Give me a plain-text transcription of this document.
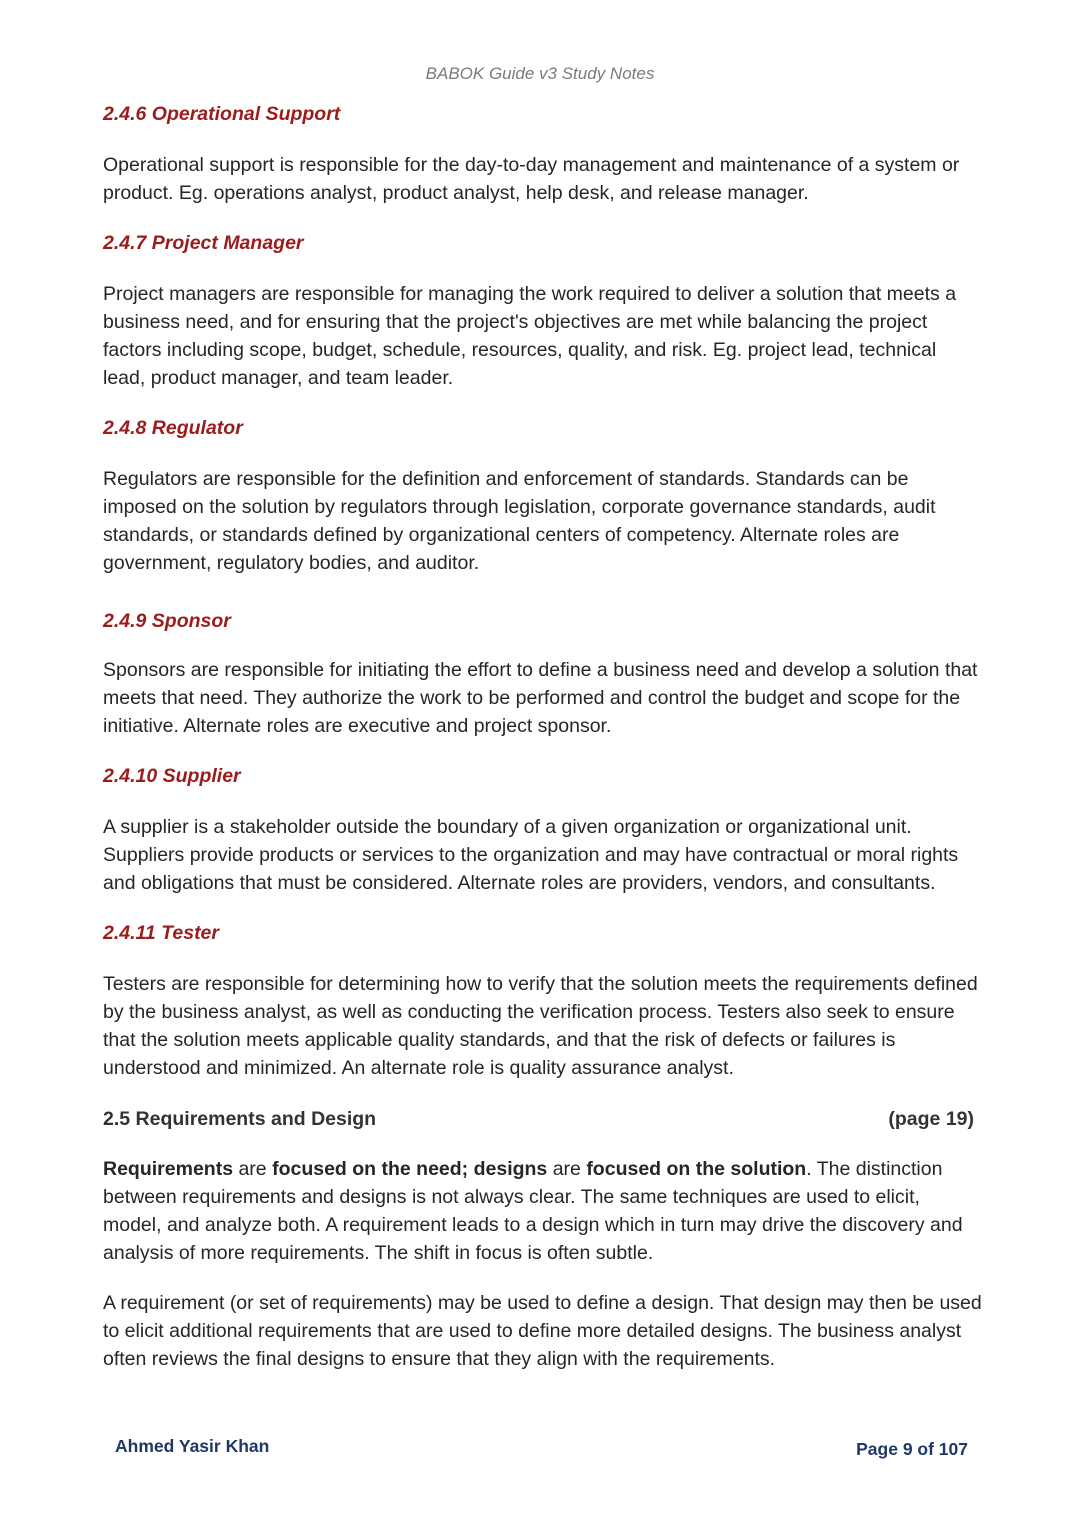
BABOK Guide v3 Study Notes
2.4.6 Operational Support

Operational support is responsible for the day-to-day management and maintenance of a system or product. Eg. operations analyst, product analyst, help desk, and release manager.

2.4.7 Project Manager

Project managers are responsible for managing the work required to deliver a solution that meets a business need, and for ensuring that the project's objectives are met while balancing the project factors including scope, budget, schedule, resources, quality, and risk. Eg. project lead, technical lead, product manager, and team leader.

2.4.8 Regulator

Regulators are responsible for the definition and enforcement of standards. Standards can be imposed on the solution by regulators through legislation, corporate governance standards, audit standards, or standards defined by organizational centers of competency. Alternate roles are government, regulatory bodies, and auditor.

2.4.9 Sponsor

Sponsors are responsible for initiating the effort to define a business need and develop a solution that meets that need. They authorize the work to be performed and control the budget and scope for the initiative. Alternate roles are executive and project sponsor.

2.4.10 Supplier

A supplier is a stakeholder outside the boundary of a given organization or organizational unit. Suppliers provide products or services to the organization and may have contractual or moral rights and obligations that must be considered. Alternate roles are providers, vendors, and consultants.

2.4.11 Tester

Testers are responsible for determining how to verify that the solution meets the requirements defined by the business analyst, as well as conducting the verification process. Testers also seek to ensure that the solution meets applicable quality standards, and that the risk of defects or failures is understood and minimized. An alternate role is quality assurance analyst.

2.5 Requirements and Design	(page 19)

Requirements are focused on the need; designs are focused on the solution. The distinction between requirements and designs is not always clear. The same techniques are used to elicit, model, and analyze both. A requirement leads to a design which in turn may drive the discovery and analysis of more requirements. The shift in focus is often subtle.

A requirement (or set of requirements) may be used to define a design. That design may then be used to elicit additional requirements that are used to define more detailed designs. The business analyst often reviews the final designs to ensure that they align with the requirements.

Ahmed Yasir Khan	Page 9 of 107
